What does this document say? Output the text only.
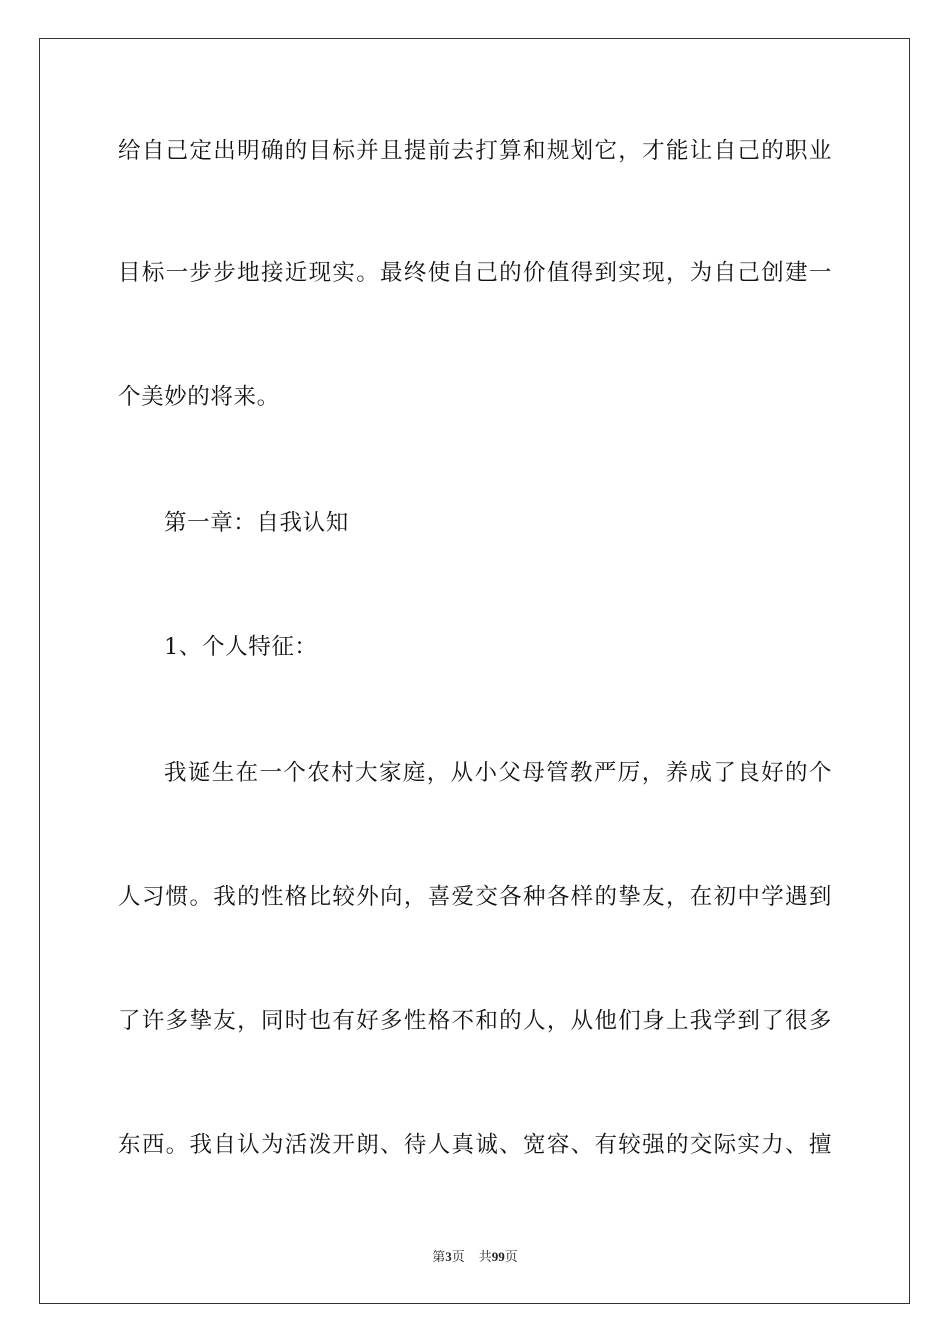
给自己定出明确的目标并且提前去打算和规划它，才能让自己的职业
目标一步步地接近现实。最终使自己的价值得到实现，为自己创建一
个美妙的将来。
第一章：自我认知
1、个人特征：
我诞生在一个农村大家庭，从小父母管教严厉，养成了良好的个
人习惯。我的性格比较外向，喜爱交各种各样的挚友，在初中学遇到
了许多挚友，同时也有好多性格不和的人，从他们身上我学到了很多
东西。我自认为活泼开朗、待人真诚、宽容、有较强的交际实力、擅
第3页 共99页
